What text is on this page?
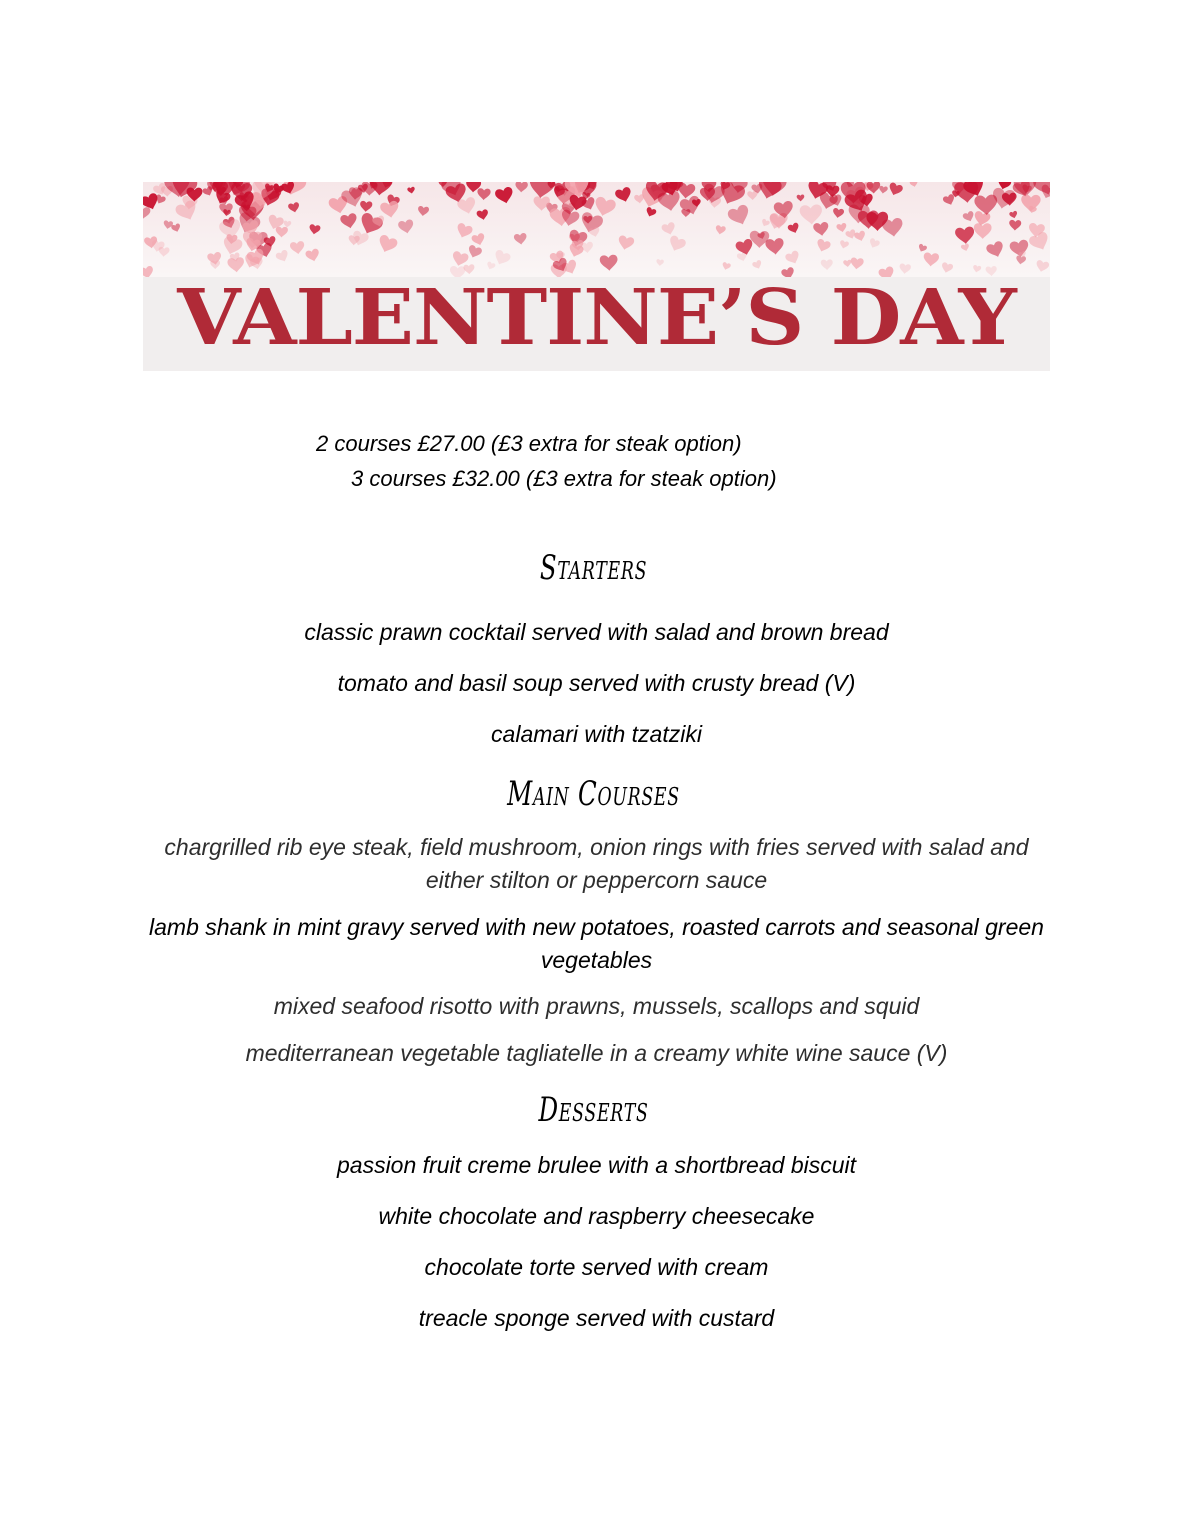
VALENTINE’S DAY
2 courses £27.00 (£3 extra for steak option)
3 courses £32.00 (£3 extra for steak option)
Starters
classic prawn cocktail served with salad and brown bread
tomato and basil soup served with crusty bread (V)
calamari with tzatziki
Main Courses
chargrilled rib eye steak, field mushroom, onion rings with fries served with salad and either stilton or peppercorn sauce
lamb shank in mint gravy served with new potatoes, roasted carrots and seasonal green vegetables
mixed seafood risotto with prawns, mussels, scallops and squid
mediterranean vegetable tagliatelle in a creamy white wine sauce (V)
Desserts
passion fruit creme brulee with a shortbread biscuit
white chocolate and raspberry cheesecake
chocolate torte served with cream
treacle sponge served with custard
